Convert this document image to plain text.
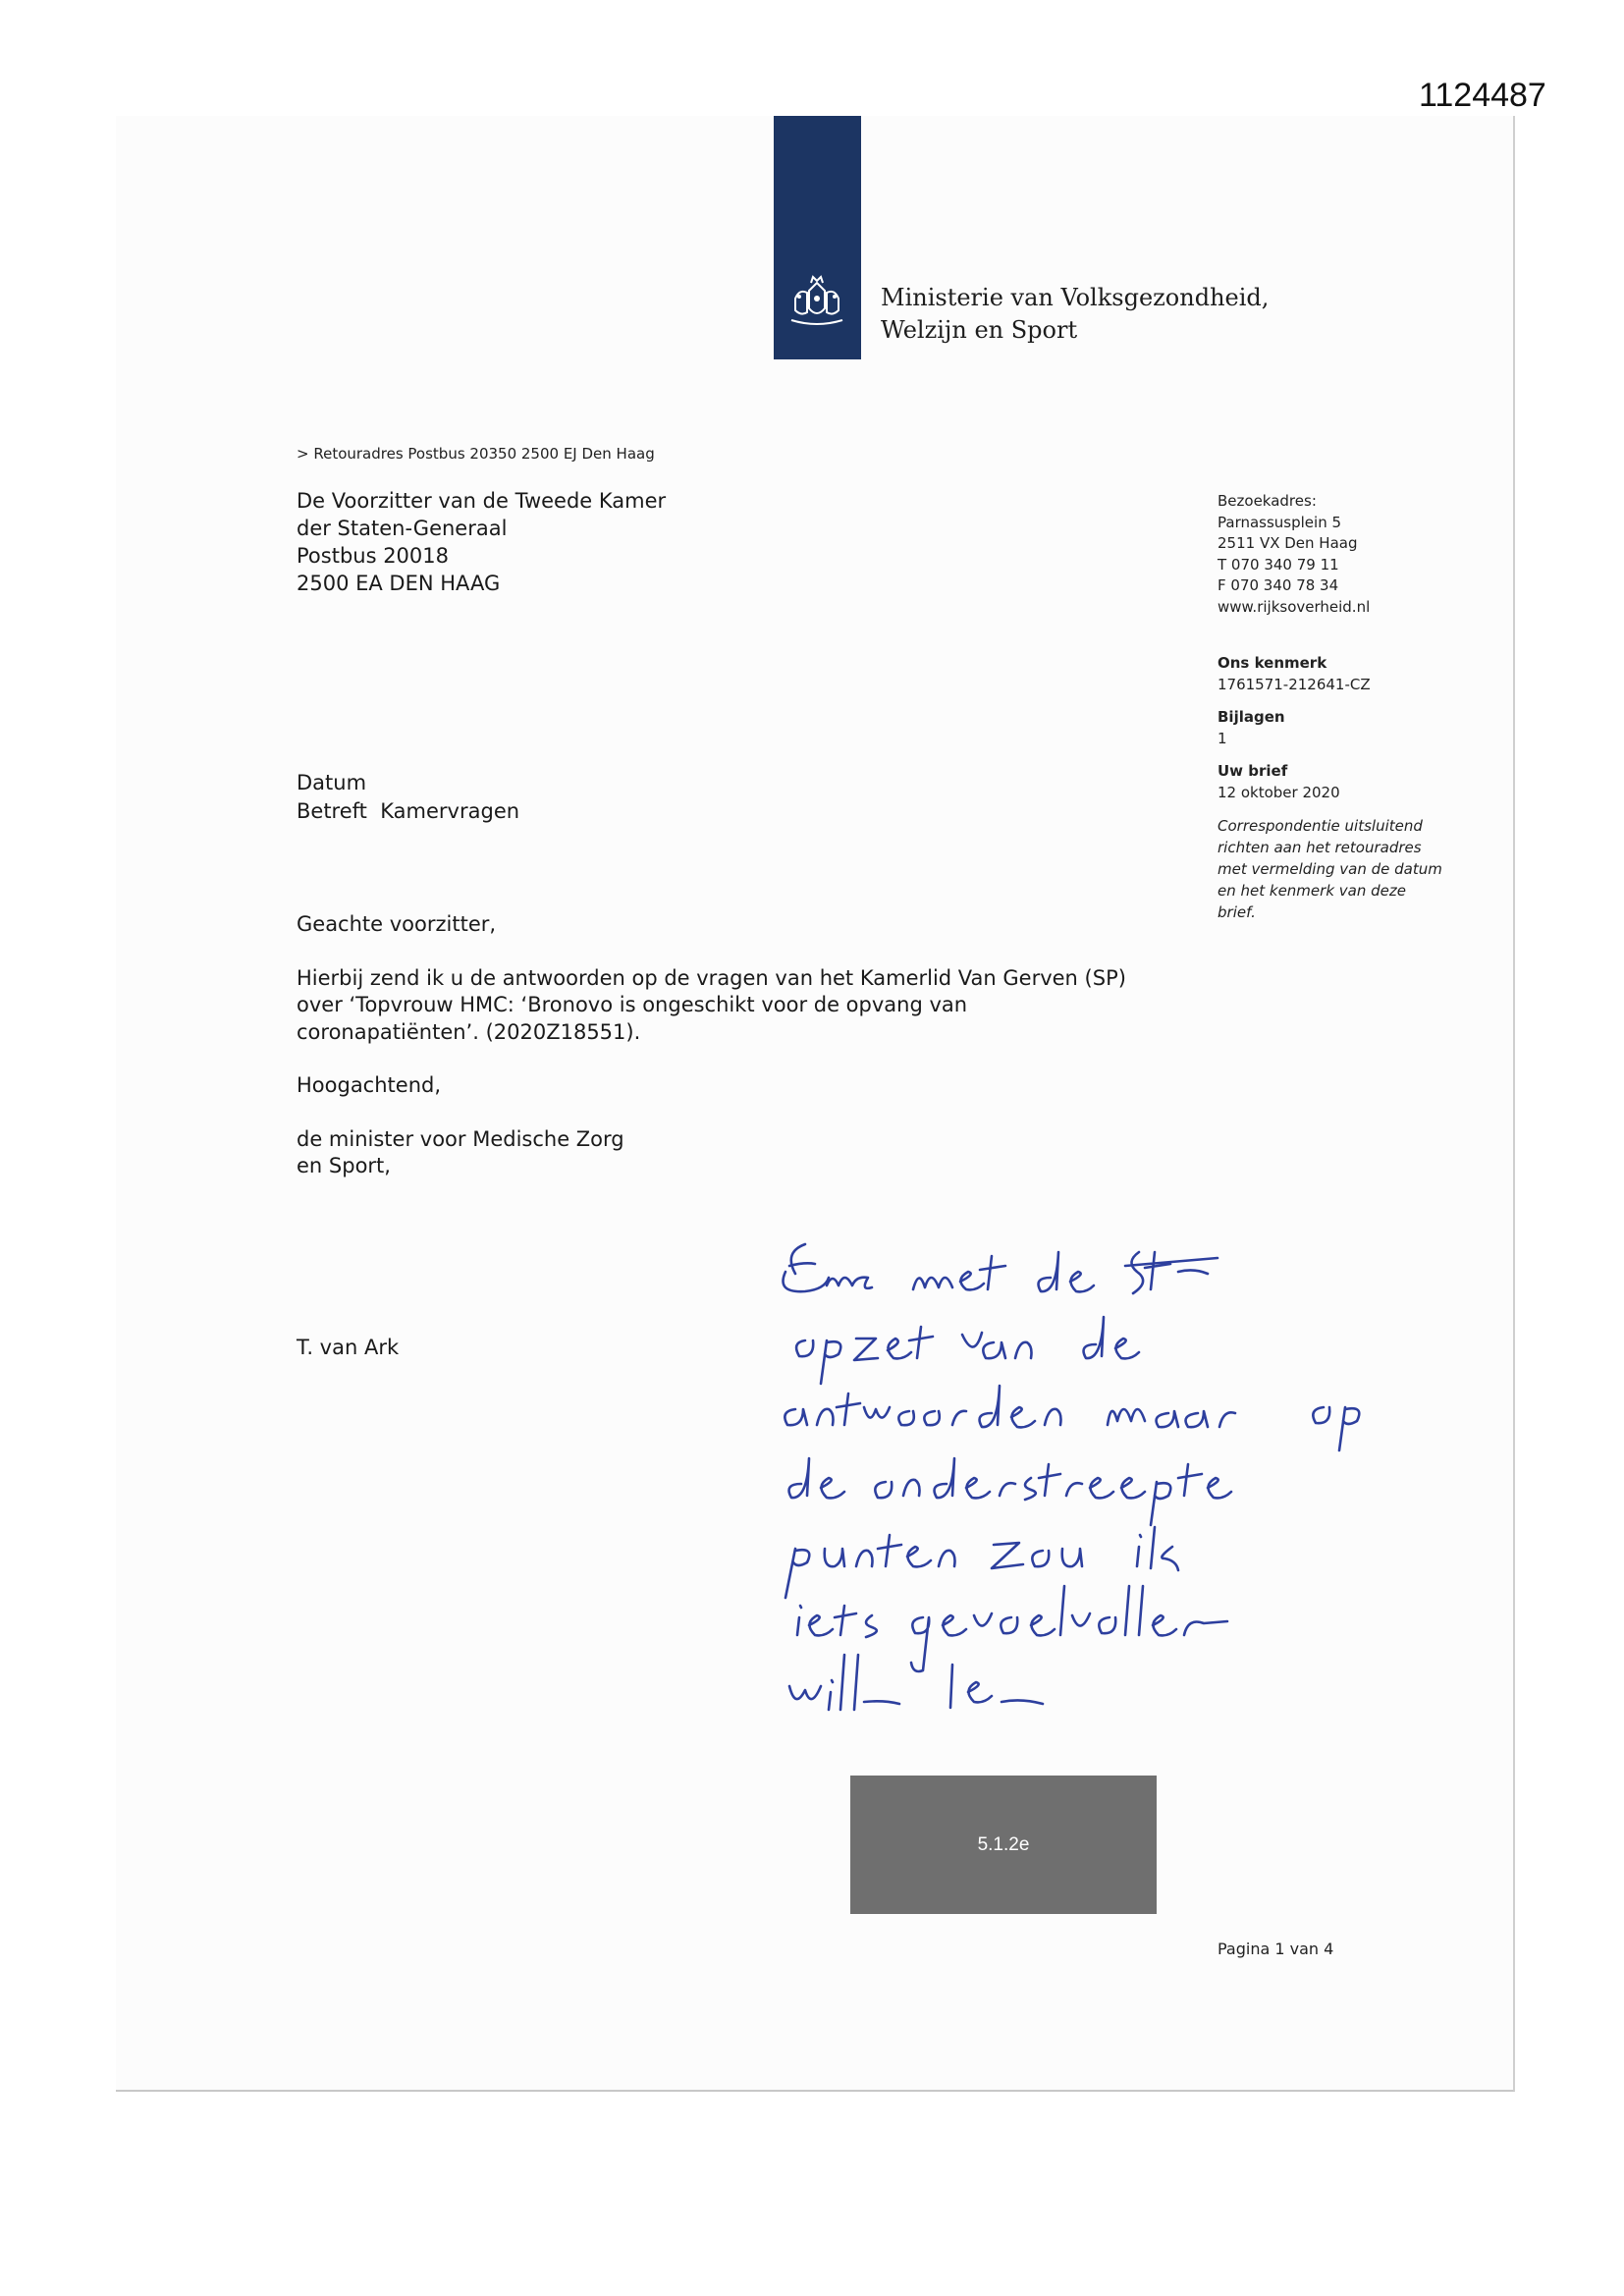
1124487
Ministerie van Volksgezondheid,
Welzijn en Sport
> Retouradres Postbus 20350 2500 EJ Den Haag
De Voorzitter van de Tweede Kamer
der Staten-Generaal
Postbus 20018
2500 EA DEN HAAG
Bezoekadres:
Parnassusplein 5
2511 VX Den Haag
T 070 340 79 11
F 070 340 78 34
www.rijksoverheid.nl
Ons kenmerk
1761571-212641-CZ
Bijlagen
1
Uw brief
12 oktober 2020
Correspondentie uitsluitend
richten aan het retouradres
met vermelding van de datum
en het kenmerk van deze
brief.
Datum
Betreft Kamervragen
Geachte voorzitter,
Hierbij zend ik u de antwoorden op de vragen van het Kamerlid Van Gerven (SP)
over ‘Topvrouw HMC: ‘Bronovo is ongeschikt voor de opvang van
coronapatiënten’. (2020Z18551).
Hoogachtend,
de minister voor Medische Zorg
en Sport,
T. van Ark
5.1.2e
Pagina 1 van 4
